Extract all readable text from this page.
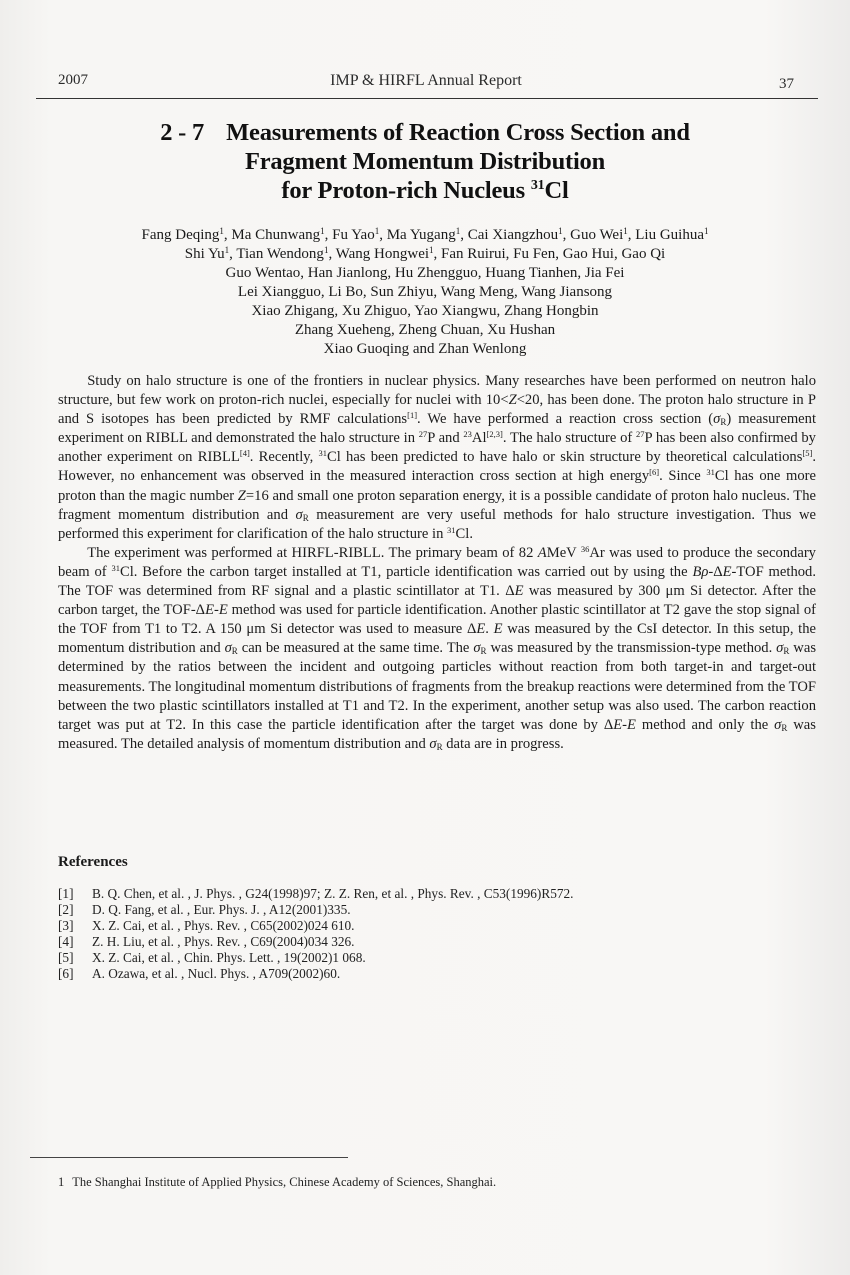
2007	IMP & HIRFL Annual Report	37
2 - 7 Measurements of Reaction Cross Section and
Fragment Momentum Distribution
for Proton-rich Nucleus $^{31}$Cl
Fang Deqing$^1$, Ma Chunwang$^1$, Fu Yao$^1$, Ma Yugang$^1$, Cai Xiangzhou$^1$, Guo Wei$^1$, Liu Guihua$^1$
Shi Yu$^1$, Tian Wendong$^1$, Wang Hongwei$^1$, Fan Ruirui, Fu Fen, Gao Hui, Gao Qi
Guo Wentao, Han Jianlong, Hu Zhengguo, Huang Tianhen, Jia Fei
Lei Xiangguo, Li Bo, Sun Zhiyu, Wang Meng, Wang Jiansong
Xiao Zhigang, Xu Zhiguo, Yao Xiangwu, Zhang Hongbin
Zhang Xueheng, Zheng Chuan, Xu Hushan
Xiao Guoqing and Zhan Wenlong

Study on halo structure is one of the frontiers in nuclear physics. Many researches have been performed on neutron halo structure, but few work on proton-rich nuclei, especially for nuclei with 10<Z<20, has been done. The proton halo structure in P and S isotopes has been predicted by RMF calculations[1]. We have performed a reaction cross section $(\sigma_R)$ measurement experiment on RIBLL and demonstrated the halo structure in $^{27}$P and $^{23}$Al[2,3]. The halo structure of $^{27}$P has been also confirmed by another experiment on RIBLL[4]. Recently, $^{31}$Cl has been predicted to have halo or skin structure by theoretical calculations[5]. However, no enhancement was observed in the measured interaction cross section at high energy[6]. Since $^{31}$Cl has one more proton than the magic number Z=16 and small one proton separation energy, it is a possible candidate of proton halo nucleus. The fragment momentum distribution and $\sigma_R$ measurement are very useful methods for halo structure investigation. Thus we performed this experiment for clarification of the halo structure in $^{31}$Cl.

The experiment was performed at HIRFL-RIBLL. The primary beam of 82 AMeV $^{36}$Ar was used to produce the secondary beam of $^{31}$Cl. Before the carbon target installed at T1, particle identification was carried out by using the Bρ-ΔE-TOF method. The TOF was determined from RF signal and a plastic scintillator at T1. ΔE was measured by 300 μm Si detector. After the carbon target, the TOF-ΔE-E method was used for particle identification. Another plastic scintillator at T2 gave the stop signal of the TOF from T1 to T2. A 150 μm Si detector was used to measure ΔE. E was measured by the CsI detector. In this setup, the momentum distribution and $\sigma_R$ can be measured at the same time. The $\sigma_R$ was measured by the transmission-type method. $\sigma_R$ was determined by the ratios between the incident and outgoing particles without reaction from both target-in and target-out measurements. The longitudinal momentum distributions of fragments from the breakup reactions were determined from the TOF between the two plastic scintillators installed at T1 and T2. In the experiment, another setup was also used. The carbon reaction target was put at T2. In this case the particle identification after the target was done by ΔE-E method and only the $\sigma_R$ was measured. The detailed analysis of momentum distribution and $\sigma_R$ data are in progress.

References
[1] B. Q. Chen, et al. , J. Phys. , G24(1998)97; Z. Z. Ren, et al. , Phys. Rev. , C53(1996)R572.
[2] D. Q. Fang, et al. , Eur. Phys. J. , A12(2001)335.
[3] X. Z. Cai, et al. , Phys. Rev. , C65(2002)024 610.
[4] Z. H. Liu, et al. , Phys. Rev. , C69(2004)034 326.
[5] X. Z. Cai, et al. , Chin. Phys. Lett. , 19(2002)1 068.
[6] A. Ozawa, et al. , Nucl. Phys. , A709(2002)60.
1 The Shanghai Institute of Applied Physics, Chinese Academy of Sciences, Shanghai.
